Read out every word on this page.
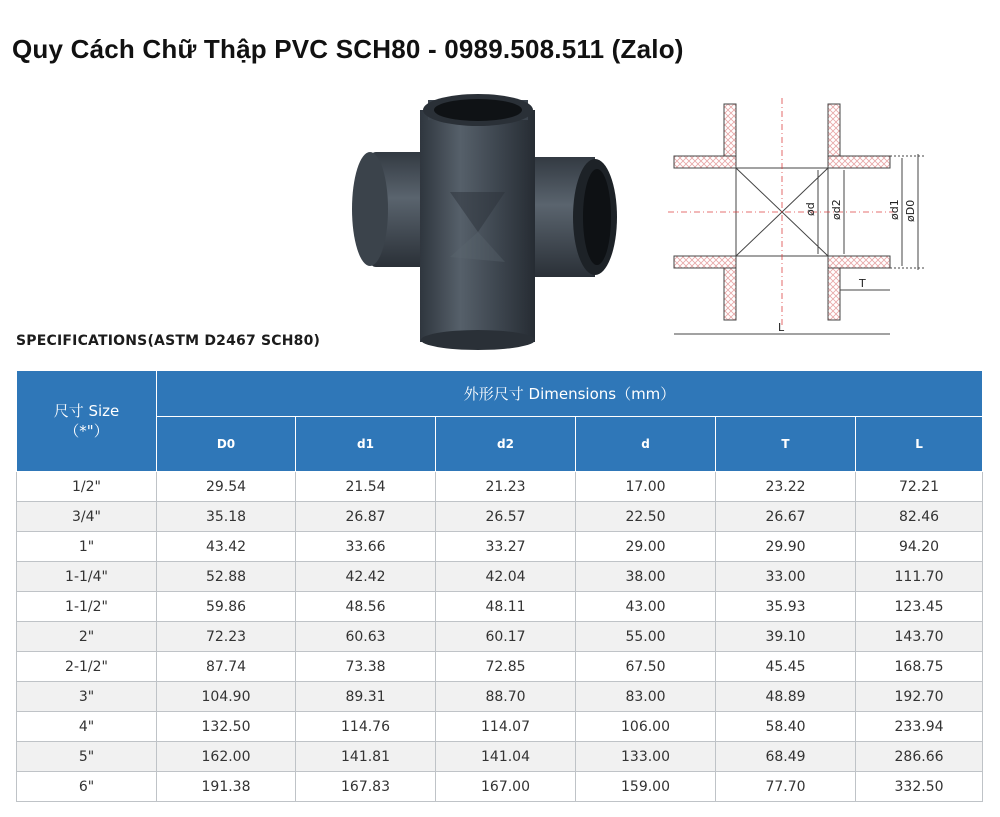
Quy Cách Chữ Thập PVC SCH80 - 0989.508.511 (Zalo)
ød ød2	ød1 øD0
T
L
SPECIFICATIONS(ASTM D2467 SCH80)
尺寸 Size
（*"）	外形尺寸 Dimensions（mm）					
	D0	d1	d2	d	T	L
1/2"	29.54	21.54	21.23	17.00	23.22	72.21
3/4"	35.18	26.87	26.57	22.50	26.67	82.46
1"	43.42	33.66	33.27	29.00	29.90	94.20
1-1/4"	52.88	42.42	42.04	38.00	33.00	111.70
1-1/2"	59.86	48.56	48.11	43.00	35.93	123.45
2"	72.23	60.63	60.17	55.00	39.10	143.70
2-1/2"	87.74	73.38	72.85	67.50	45.45	168.75
3"	104.90	89.31	88.70	83.00	48.89	192.70
4"	132.50	114.76	114.07	106.00	58.40	233.94
5"	162.00	141.81	141.04	133.00	68.49	286.66
6"	191.38	167.83	167.00	159.00	77.70	332.50
